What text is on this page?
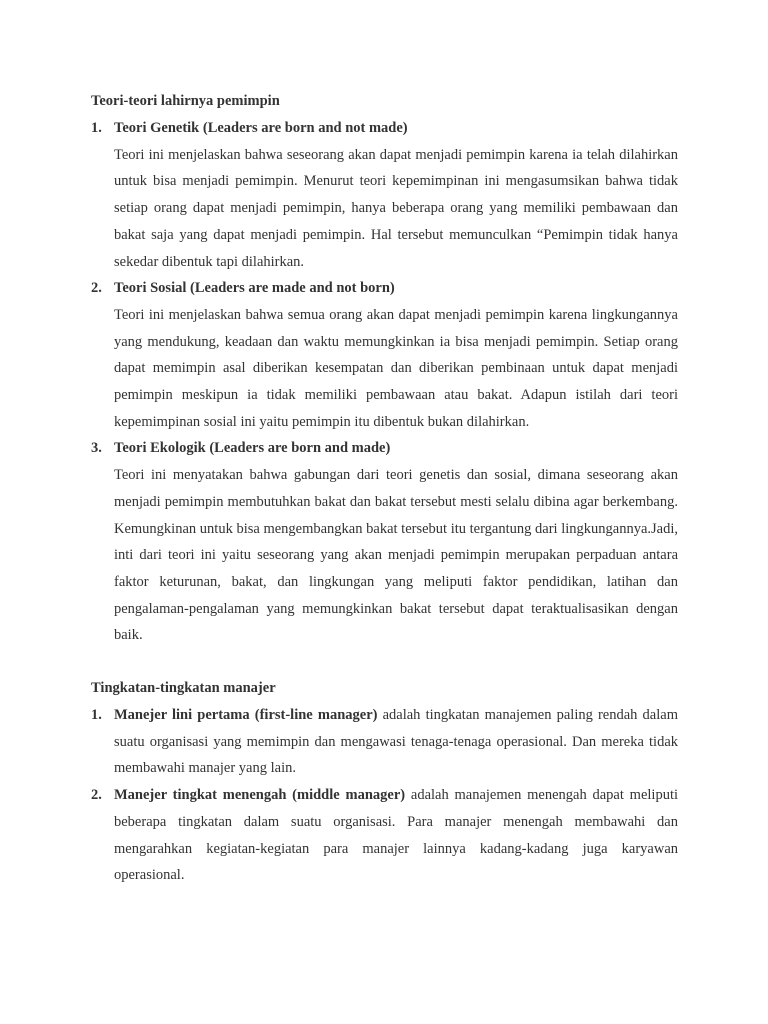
Teori-teori lahirnya pemimpin
1. Teori Genetik (Leaders are born and not made)

Teori ini menjelaskan bahwa seseorang akan dapat menjadi pemimpin karena ia telah dilahirkan untuk bisa menjadi pemimpin. Menurut teori kepemimpinan ini mengasumsikan bahwa tidak setiap orang dapat menjadi pemimpin, hanya beberapa orang yang memiliki pembawaan dan bakat saja yang dapat menjadi pemimpin. Hal tersebut memunculkan “Pemimpin tidak hanya sekedar dibentuk tapi dilahirkan.

2. Teori Sosial (Leaders are made and not born)

Teori ini menjelaskan bahwa semua orang akan dapat menjadi pemimpin karena lingkungannya yang mendukung, keadaan dan waktu memungkinkan ia bisa menjadi pemimpin. Setiap orang dapat memimpin asal diberikan kesempatan dan diberikan pembinaan untuk dapat menjadi pemimpin meskipun ia tidak memiliki pembawaan atau bakat. Adapun istilah dari teori kepemimpinan sosial ini yaitu pemimpin itu dibentuk bukan dilahirkan.

3. Teori Ekologik (Leaders are born and made)

Teori ini menyatakan bahwa gabungan dari teori genetis dan sosial, dimana seseorang akan menjadi pemimpin membutuhkan bakat dan bakat tersebut mesti selalu dibina agar berkembang. Kemungkinan untuk bisa mengembangkan bakat tersebut itu tergantung dari lingkungannya.Jadi, inti dari teori ini yaitu seseorang yang akan menjadi pemimpin merupakan perpaduan antara faktor keturunan, bakat, dan lingkungan yang meliputi faktor pendidikan, latihan dan pengalaman-pengalaman yang memungkinkan bakat tersebut dapat teraktualisasikan dengan baik.

Tingkatan-tingkatan manajer
1. Manejer lini pertama (first-line manager) adalah tingkatan manajemen paling rendah dalam suatu organisasi yang memimpin dan mengawasi tenaga-tenaga operasional. Dan mereka tidak membawahi manajer yang lain.

2. Manejer tingkat menengah (middle manager) adalah manajemen menengah dapat meliputi beberapa tingkatan dalam suatu organisasi. Para manajer menengah membawahi dan mengarahkan kegiatan-kegiatan para manajer lainnya kadang-kadang juga karyawan operasional.
